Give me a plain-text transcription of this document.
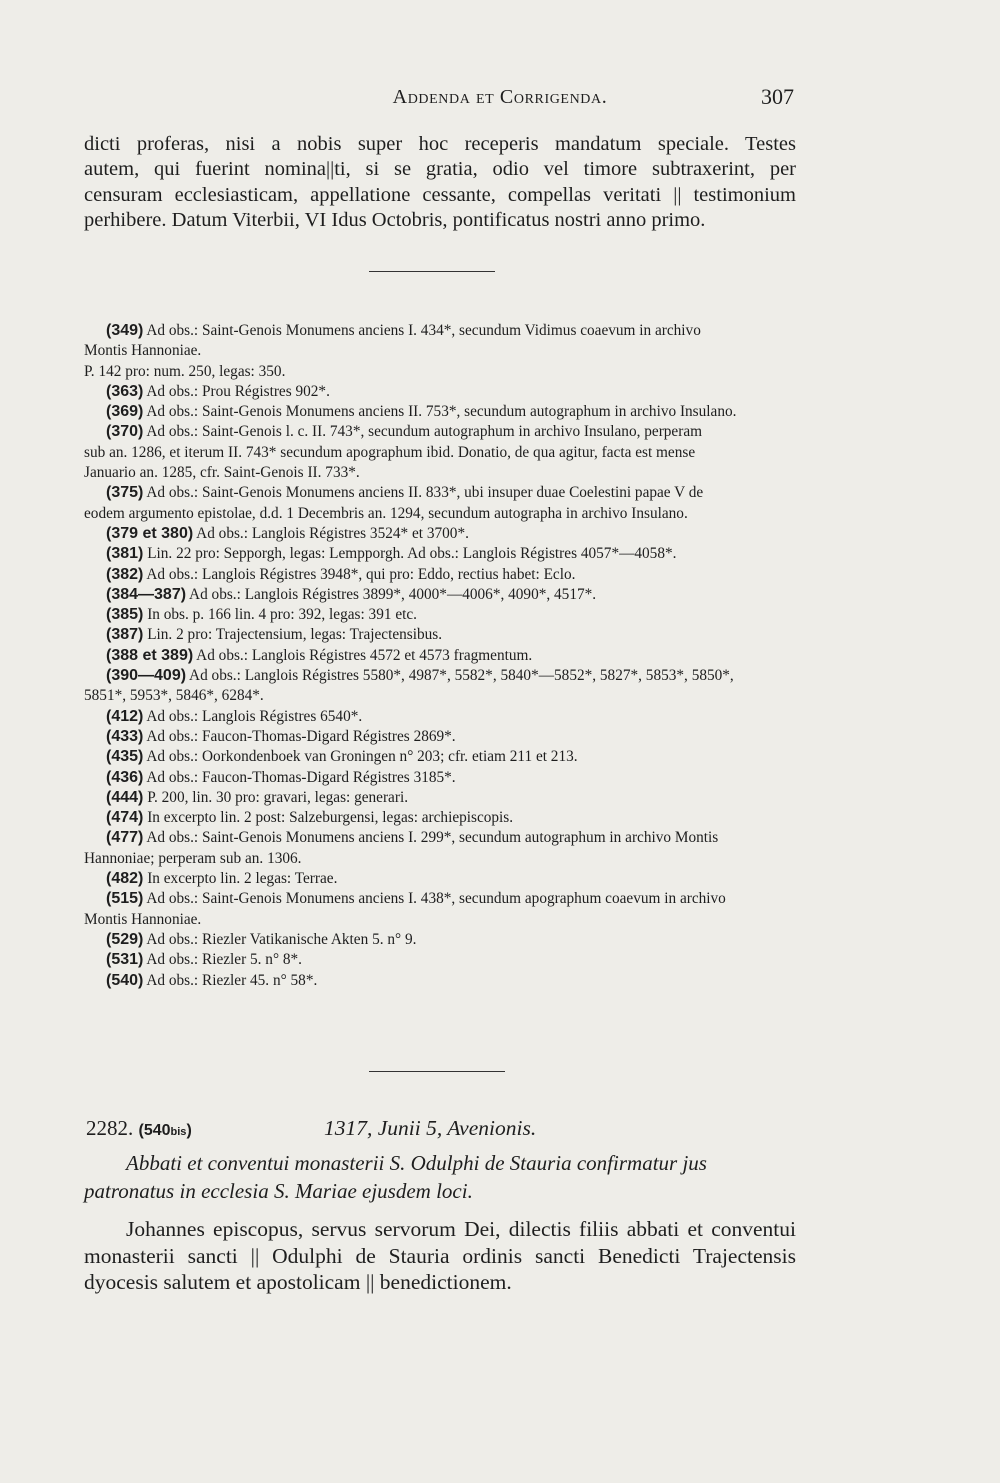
Addenda et Corrigenda.	307

dicti proferas, nisi a nobis super hoc receperis mandatum speciale. Testes

autem, qui fuerint nomina||ti, si se gratia, odio vel timore subtraxerint, per

censuram ecclesiasticam, appellatione cessante, compellas veritati || testimonium

perhibere. Datum Viterbii, VI Idus Octobris, pontificatus nostri anno primo.

(349) Ad obs.: Saint-Genois Monumens anciens I. 434*, secundum Vidimus coaevum in archivo

Montis Hannoniae.

P. 142 pro: num. 250, legas: 350.

(363) Ad obs.: Prou Régistres 902*.

(369) Ad obs.: Saint-Genois Monumens anciens II. 753*, secundum autographum in archivo Insulano.

(370) Ad obs.: Saint-Genois l. c. II. 743*, secundum autographum in archivo Insulano, perperam

sub an. 1286, et iterum II. 743* secundum apographum ibid. Donatio, de qua agitur, facta est mense

Januario an. 1285, cfr. Saint-Genois II. 733*.

(375) Ad obs.: Saint-Genois Monumens anciens II. 833*, ubi insuper duae Coelestini papae V de

eodem argumento epistolae, d.d. 1 Decembris an. 1294, secundum autographa in archivo Insulano.

(379 et 380) Ad obs.: Langlois Régistres 3524* et 3700*.

(381) Lin. 22 pro: Sepporgh, legas: Lempporgh. Ad obs.: Langlois Régistres 4057*—4058*.

(382) Ad obs.: Langlois Régistres 3948*, qui pro: Eddo, rectius habet: Eclo.

(384—387) Ad obs.: Langlois Régistres 3899*, 4000*—4006*, 4090*, 4517*.

(385) In obs. p. 166 lin. 4 pro: 392, legas: 391 etc.

(387) Lin. 2 pro: Trajectensium, legas: Trajectensibus.

(388 et 389) Ad obs.: Langlois Régistres 4572 et 4573 fragmentum.

(390—409) Ad obs.: Langlois Régistres 5580*, 4987*, 5582*, 5840*—5852*, 5827*, 5853*, 5850*,

5851*, 5953*, 5846*, 6284*.

(412) Ad obs.: Langlois Régistres 6540*.

(433) Ad obs.: Faucon-Thomas-Digard Régistres 2869*.

(435) Ad obs.: Oorkondenboek van Groningen n° 203; cfr. etiam 211 et 213.

(436) Ad obs.: Faucon-Thomas-Digard Régistres 3185*.

(444) P. 200, lin. 30 pro: gravari, legas: generari.

(474) In excerpto lin. 2 post: Salzeburgensi, legas: archiepiscopis.

(477) Ad obs.: Saint-Genois Monumens anciens I. 299*, secundum autographum in archivo Montis

Hannoniae; perperam sub an. 1306.

(482) In excerpto lin. 2 legas: Terrae.

(515) Ad obs.: Saint-Genois Monumens anciens I. 438*, secundum apographum coaevum in archivo

Montis Hannoniae.

(529) Ad obs.: Riezler Vatikanische Akten 5. n° 9.

(531) Ad obs.: Riezler 5. n° 8*.

(540) Ad obs.: Riezler 45. n° 58*.

2282. (540bis)	1317, Junii 5, Avenionis.

Abbati et conventui monasterii S. Odulphi de Stauria confirmatur jus

patronatus in ecclesia S. Mariae ejusdem loci.

Johannes episcopus, servus servorum Dei, dilectis filiis abbati et conventui

monasterii sancti || Odulphi de Stauria ordinis sancti Benedicti Trajectensis

dyocesis salutem et apostolicam || benedictionem.
